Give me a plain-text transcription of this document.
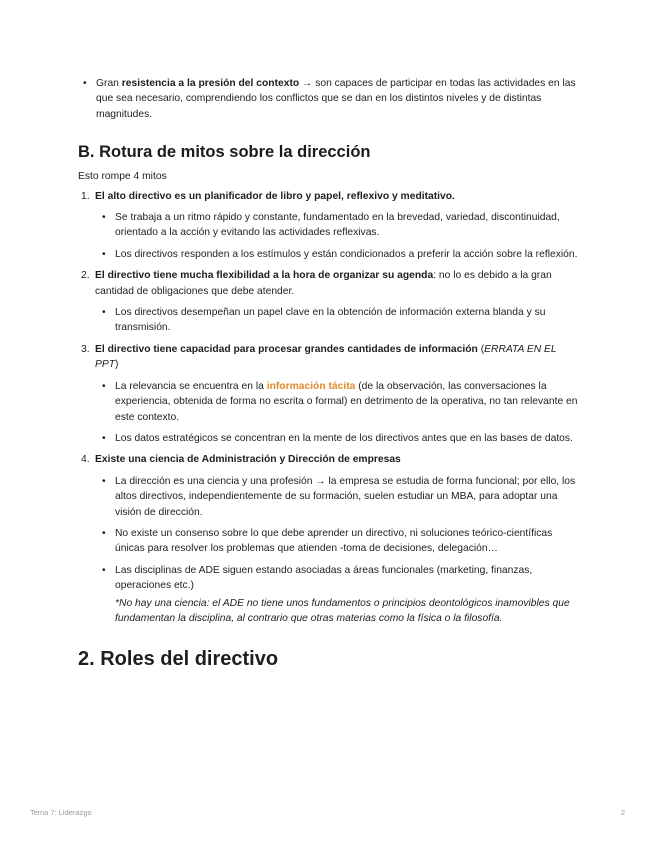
• Gran resistencia a la presión del contexto → son capaces de participar en todas las actividades en las que sea necesario, comprendiendo los conflictos que se dan en los distintos niveles y de distintas magnitudes.
B. Rotura de mitos sobre la dirección
Esto rompe 4 mitos
1. El alto directivo es un planificador de libro y papel, reflexivo y meditativo.
• Se trabaja a un ritmo rápido y constante, fundamentado en la brevedad, variedad, discontinuidad, orientado a la acción y evitando las actividades reflexivas.
• Los directivos responden a los estímulos y están condicionados a preferir la acción sobre la reflexión.
2. El directivo tiene mucha flexibilidad a la hora de organizar su agenda: no lo es debido a la gran cantidad de obligaciones que debe atender.
• Los directivos desempeñan un papel clave en la obtención de información externa blanda y su transmisión.
3. El directivo tiene capacidad para procesar grandes cantidades de información (ERRATA EN EL PPT)
• La relevancia se encuentra en la información tácita (de la observación, las conversaciones la experiencia, obtenida de forma no escrita o formal) en detrimento de la operativa, no tan relevante en este contexto.
• Los datos estratégicos se concentran en la mente de los directivos antes que en las bases de datos.
4. Existe una ciencia de Administración y Dirección de empresas
• La dirección es una ciencia y una profesión → la empresa se estudia de forma funcional; por ello, los altos directivos, independientemente de su formación, suelen estudiar un MBA, para adoptar una visión de dirección.
• No existe un consenso sobre lo que debe aprender un directivo, ni soluciones teórico-científicas únicas para resolver los problemas que atienden -toma de decisiones, delegación…
• Las disciplinas de ADE siguen estando asociadas a áreas funcionales (marketing, finanzas, operaciones etc.)
*No hay una ciencia: el ADE no tiene unos fundamentos o principios deontológicos inamovibles que fundamentan la disciplina, al contrario que otras materias como la física o la filosofía.
2. Roles del directivo
Tema 7: Liderazgo	2
